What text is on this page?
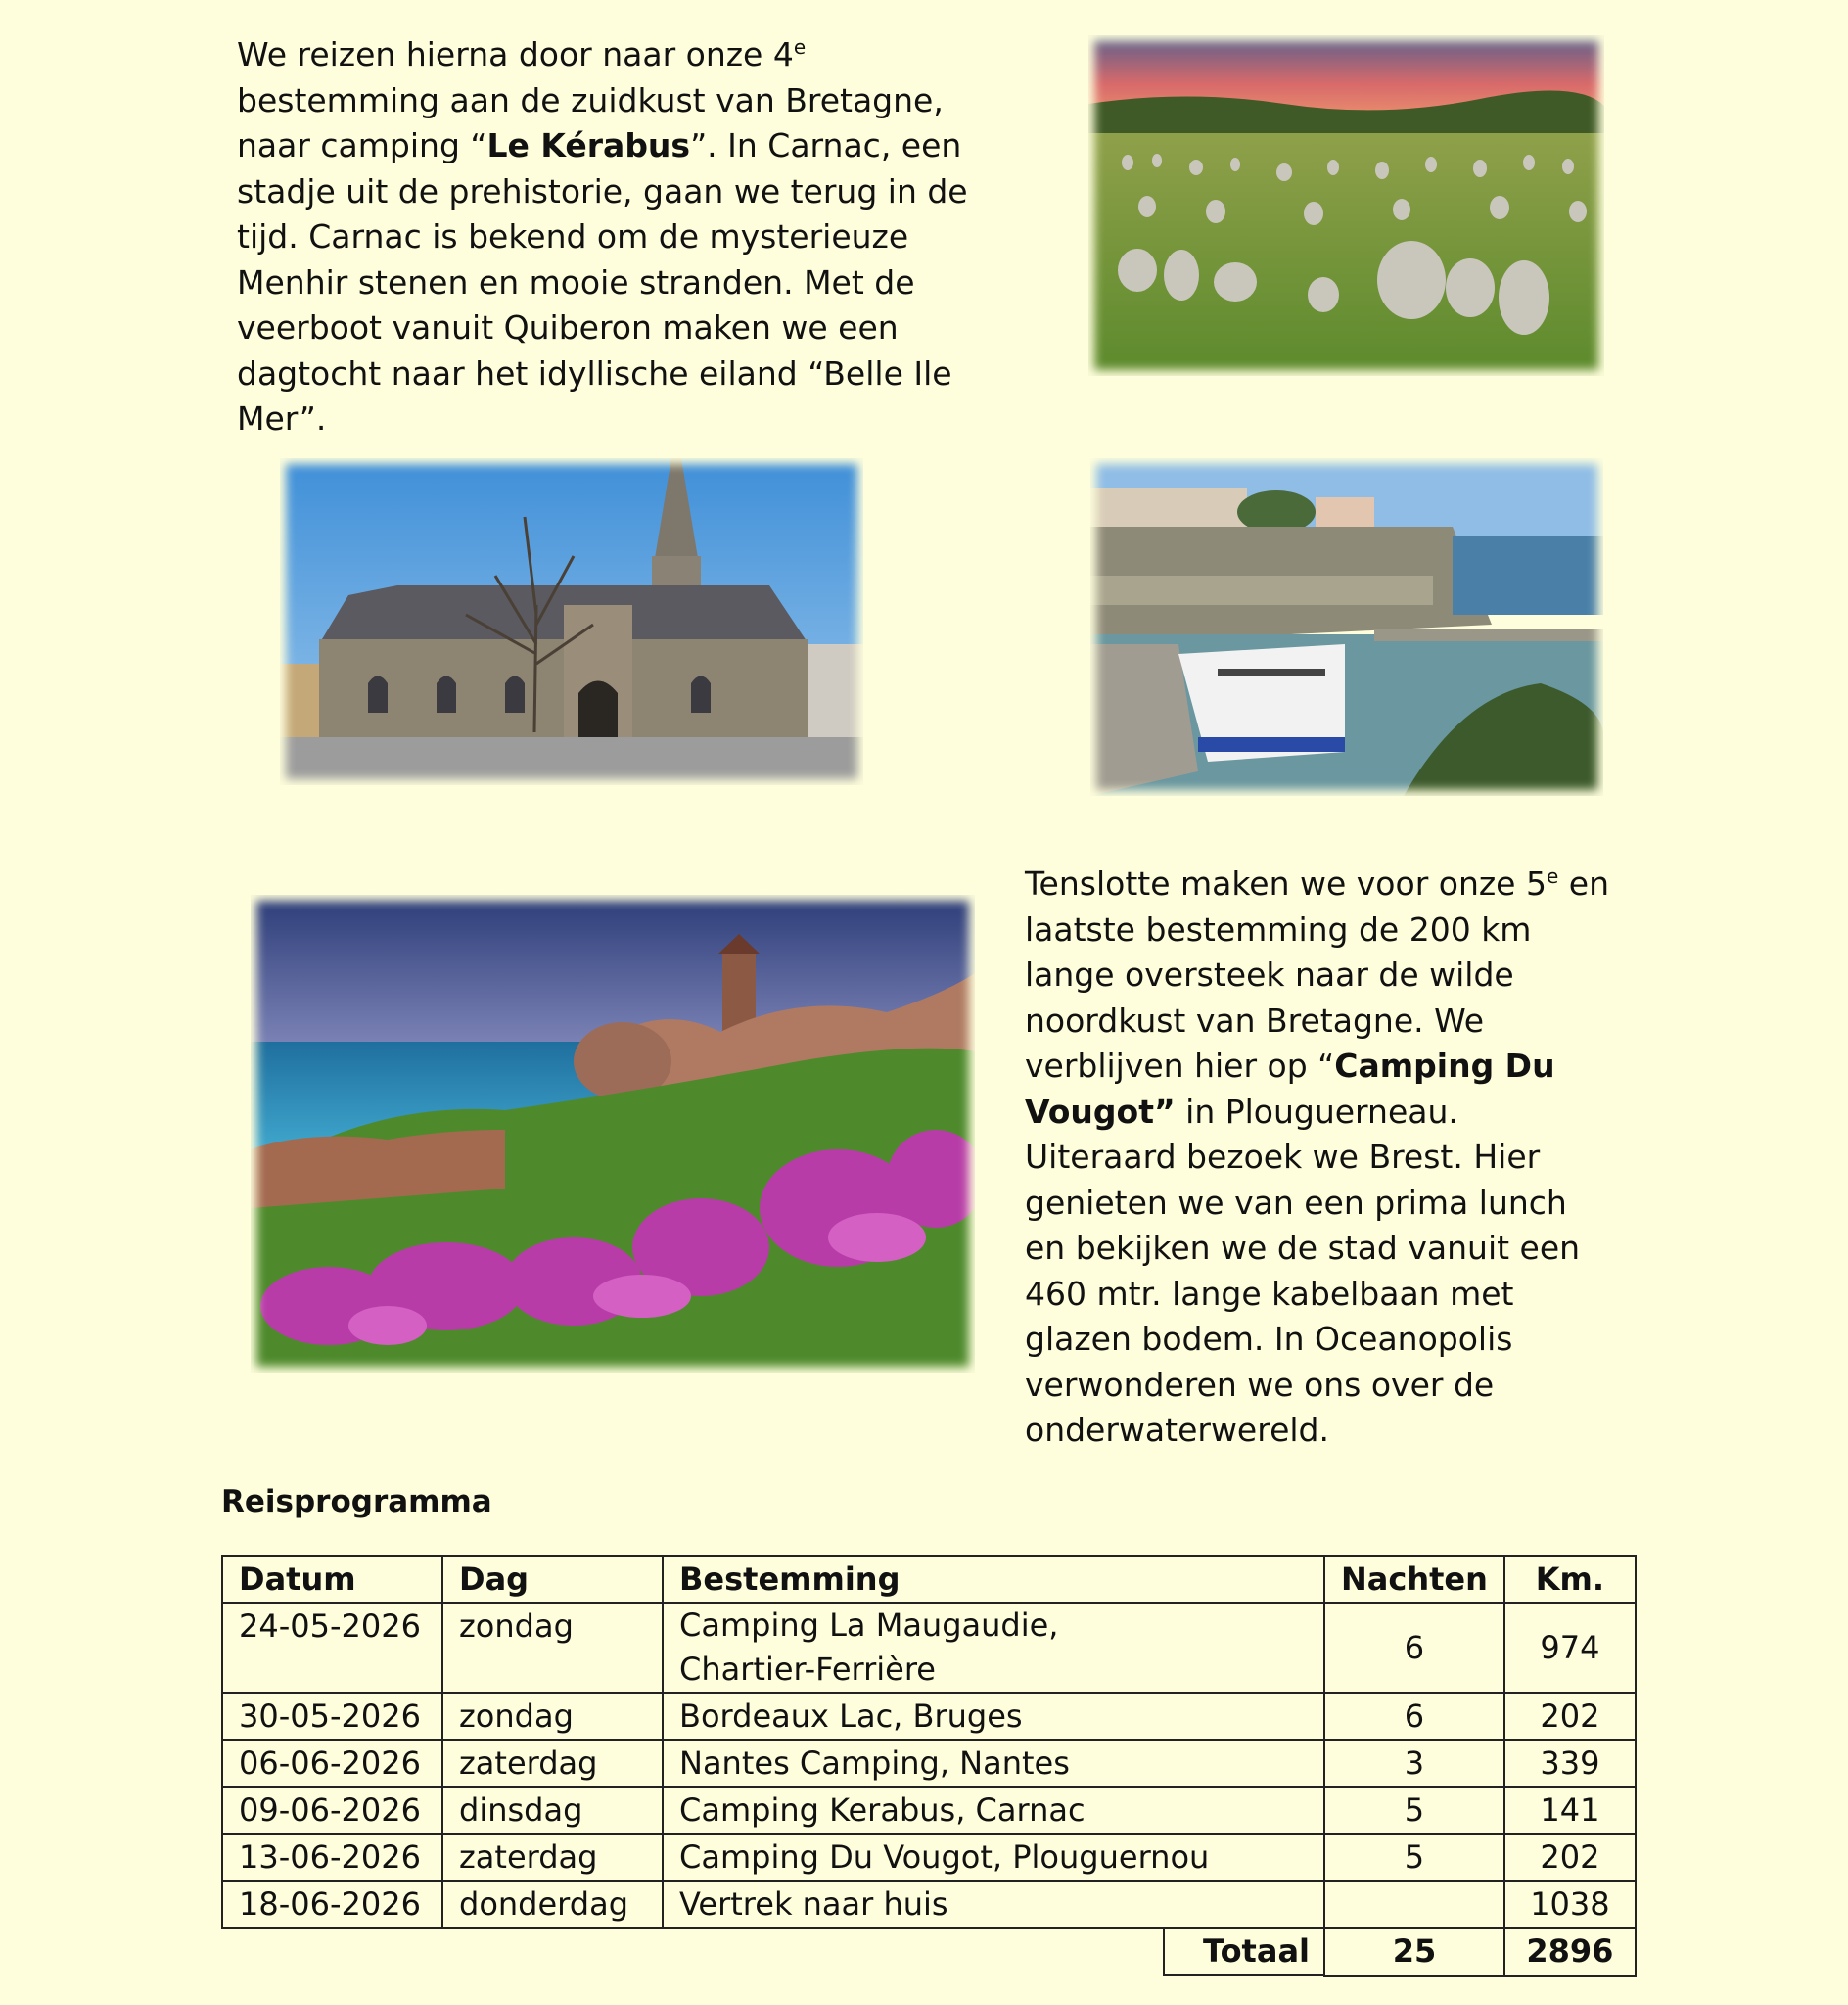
We reizen hierna door naar onze 4e bestemming aan de zuidkust van Bretagne, naar camping “Le Kérabus”. In Carnac, een stadje uit de prehistorie, gaan we terug in de tijd. Carnac is bekend om de mysterieuze Menhir stenen en mooie stranden. Met de veerboot vanuit Quiberon maken we een dagtocht naar het idyllische eiland “Belle Ile Mer”.

Tenslotte maken we voor onze 5e en laatste bestemming de 200 km lange oversteek naar de wilde noordkust van Bretagne. We verblijven hier op “Camping Du Vougot” in Plouguerneau.
Uiteraard bezoek we Brest. Hier genieten we van een prima lunch en bekijken we de stad vanuit een 460 mtr. lange kabelbaan met glazen bodem. In Oceanopolis verwonderen we ons over de onderwaterwereld.
Reisprogramma
Datum	Dag	Bestemming	Nachten	Km.
24-05-2026	zondag	Camping La Maugaudie,
Chartier-Ferrière	6	974
30-05-2026	zondag	Bordeaux Lac, Bruges	6	202
06-06-2026	zaterdag	Nantes Camping, Nantes	3	339
09-06-2026	dinsdag	Camping Kerabus, Carnac	5	141
13-06-2026	zaterdag	Camping Du Vougot, Plouguernou	5	202
18-06-2026	donderdag	Vertrek naar huis		1038
		Totaal	25	2896
